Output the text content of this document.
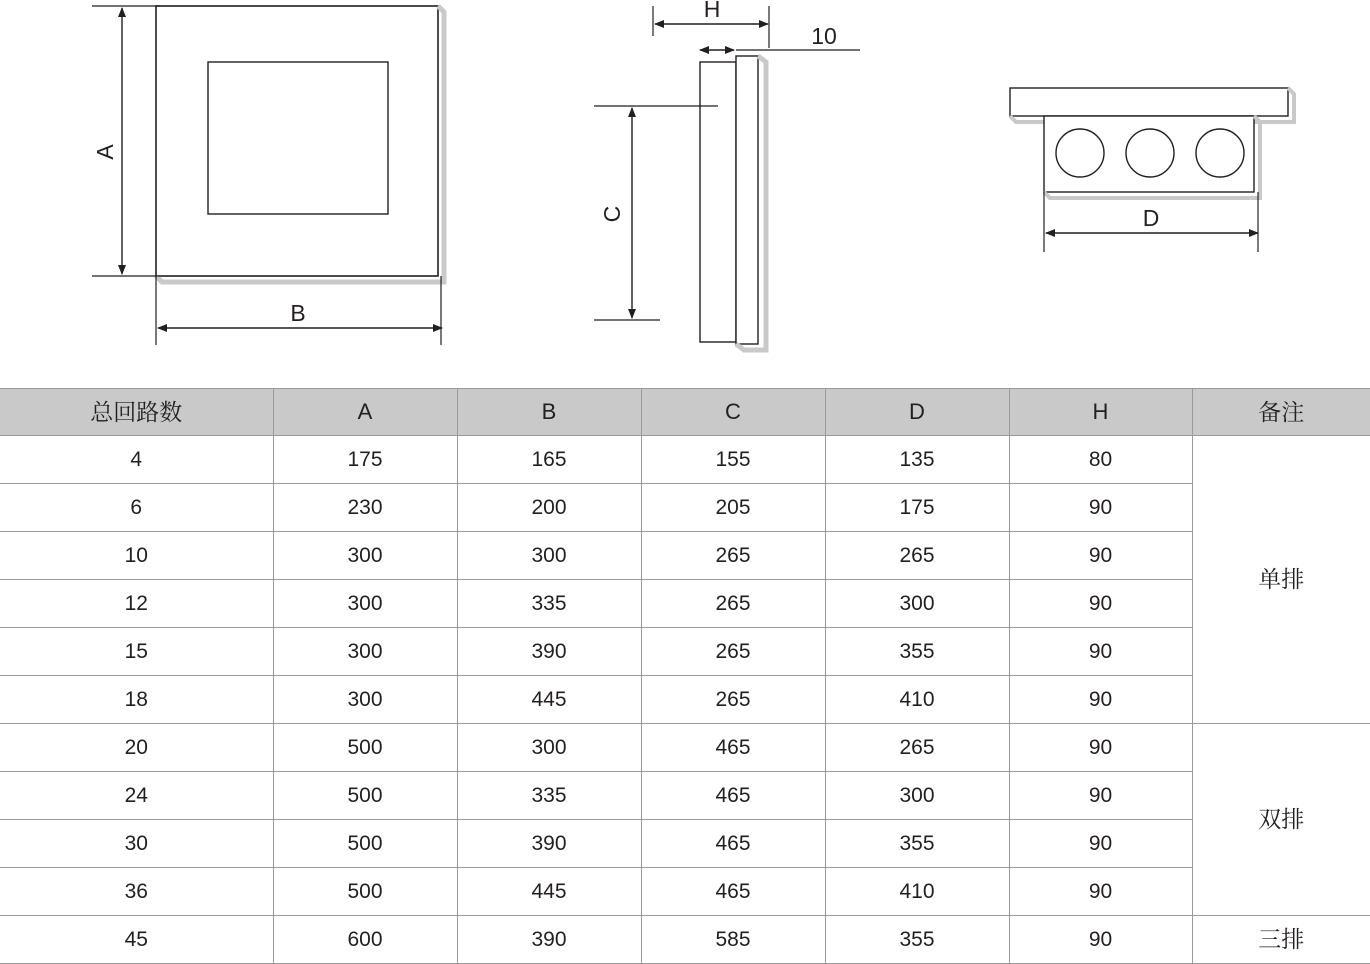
A
B
H
10
C	D
总回路数	A	B	C	D	H	备注
4	175	165	155	135	80	单排
6	230	200	205	175	90	
10	300	300	265	265	90	
12	300	335	265	300	90	
15	300	390	265	355	90	
18	300	445	265	410	90	
20	500	300	465	265	90	双排
24	500	335	465	300	90	
30	500	390	465	355	90	
36	500	445	465	410	90	
45	600	390	585	355	90	三排
